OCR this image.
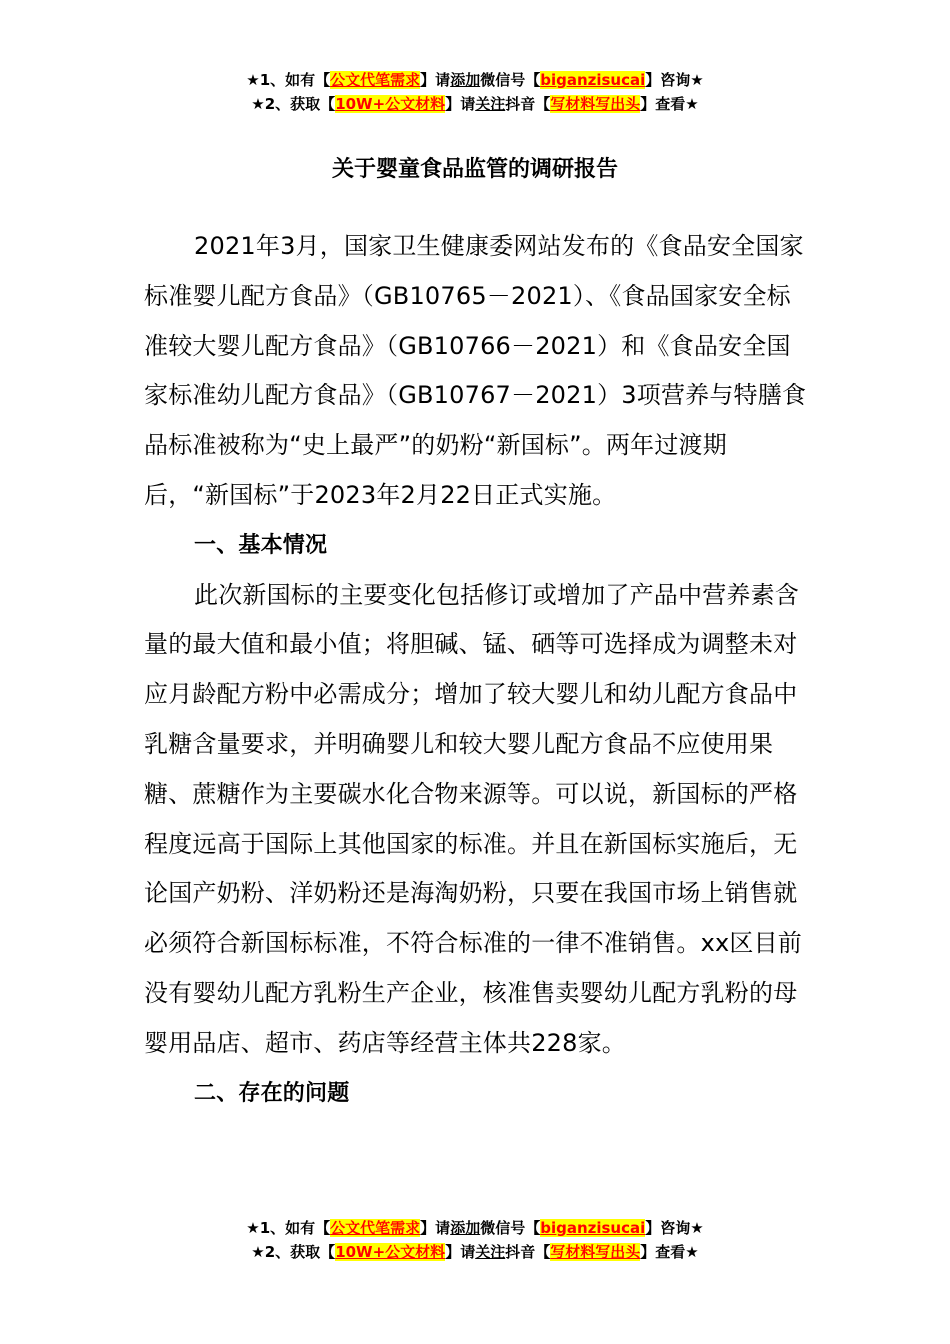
★1、如有【公文代笔需求】请添加微信号【biganzisucai】咨询★
★2、获取【10W+公文材料】请关注抖音【写材料写出头】查看★
关于婴童食品监管的调研报告

2021年3月，国家卫生健康委网站发布的《食品安全国家标准婴儿配方食品》（GB10765－2021）、《食品国家安全标准较大婴儿配方食品》（GB10766－2021）和《食品安全国家标准幼儿配方食品》（GB10767－2021）3项营养与特膳食品标准被称为“史上最严”的奶粉“新国标”。两年过渡期后，“新国标”于2023年2月22日正式实施。

一、基本情况

此次新国标的主要变化包括修订或增加了产品中营养素含量的最大值和最小值；将胆碱、锰、硒等可选择成为调整未对应月龄配方粉中必需成分；增加了较大婴儿和幼儿配方食品中乳糖含量要求，并明确婴儿和较大婴儿配方食品不应使用果糖、蔗糖作为主要碳水化合物来源等。可以说，新国标的严格程度远高于国际上其他国家的标准。并且在新国标实施后，无论国产奶粉、洋奶粉还是海淘奶粉，只要在我国市场上销售就必须符合新国标标准，不符合标准的一律不准销售。xx区目前没有婴幼儿配方乳粉生产企业，核准售卖婴幼儿配方乳粉的母婴用品店、超市、药店等经营主体共228家。

二、存在的问题
★1、如有【公文代笔需求】请添加微信号【biganzisucai】咨询★
★2、获取【10W+公文材料】请关注抖音【写材料写出头】查看★
